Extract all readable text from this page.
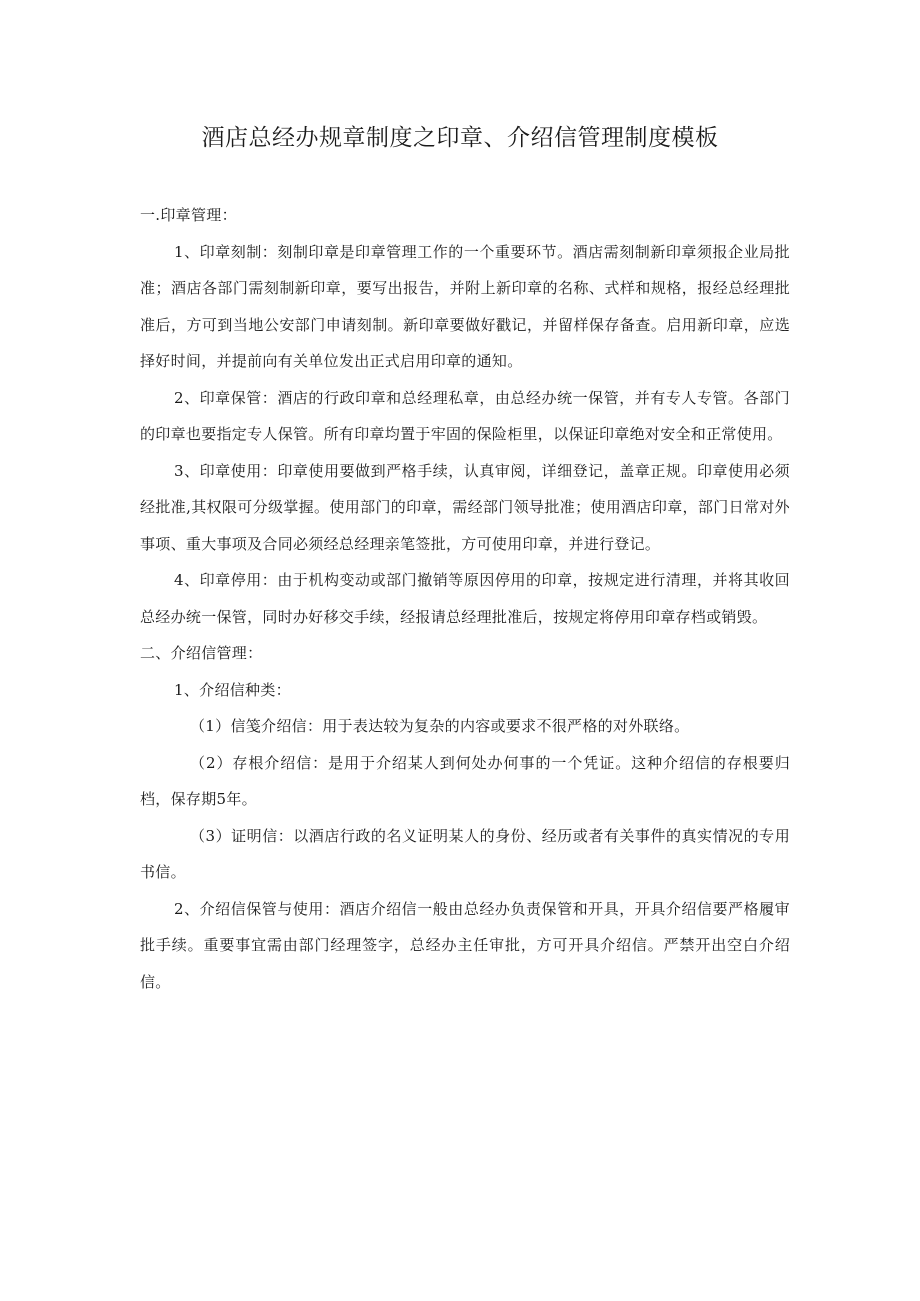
酒店总经办规章制度之印章、介绍信管理制度模板

一.印章管理：

1、印章刻制：刻制印章是印章管理工作的一个重要环节。酒店需刻制新印章须报企业局批准；酒店各部门需刻制新印章，要写出报告，并附上新印章的名称、式样和规格，报经总经理批准后，方可到当地公安部门申请刻制。新印章要做好戳记，并留样保存备查。启用新印章，应选择好时间，并提前向有关单位发出正式启用印章的通知。

2、印章保管：酒店的行政印章和总经理私章，由总经办统一保管，并有专人专管。各部门的印章也要指定专人保管。所有印章均置于牢固的保险柜里，以保证印章绝对安全和正常使用。

3、印章使用：印章使用要做到严格手续，认真审阅，详细登记，盖章正规。印章使用必须经批准,其权限可分级掌握。使用部门的印章，需经部门领导批准；使用酒店印章，部门日常对外事项、重大事项及合同必须经总经理亲笔签批，方可使用印章，并进行登记。

4、印章停用：由于机构变动或部门撤销等原因停用的印章，按规定进行清理，并将其收回总经办统一保管，同时办好移交手续，经报请总经理批准后，按规定将停用印章存档或销毁。

二、介绍信管理：

1、介绍信种类：

（1）信笺介绍信：用于表达较为复杂的内容或要求不很严格的对外联络。

（2）存根介绍信：是用于介绍某人到何处办何事的一个凭证。这种介绍信的存根要归档，保存期5年。

（3）证明信：以酒店行政的名义证明某人的身份、经历或者有关事件的真实情况的专用书信。

2、介绍信保管与使用：酒店介绍信一般由总经办负责保管和开具，开具介绍信要严格履审批手续。重要事宜需由部门经理签字，总经办主任审批，方可开具介绍信。严禁开出空白介绍信。
